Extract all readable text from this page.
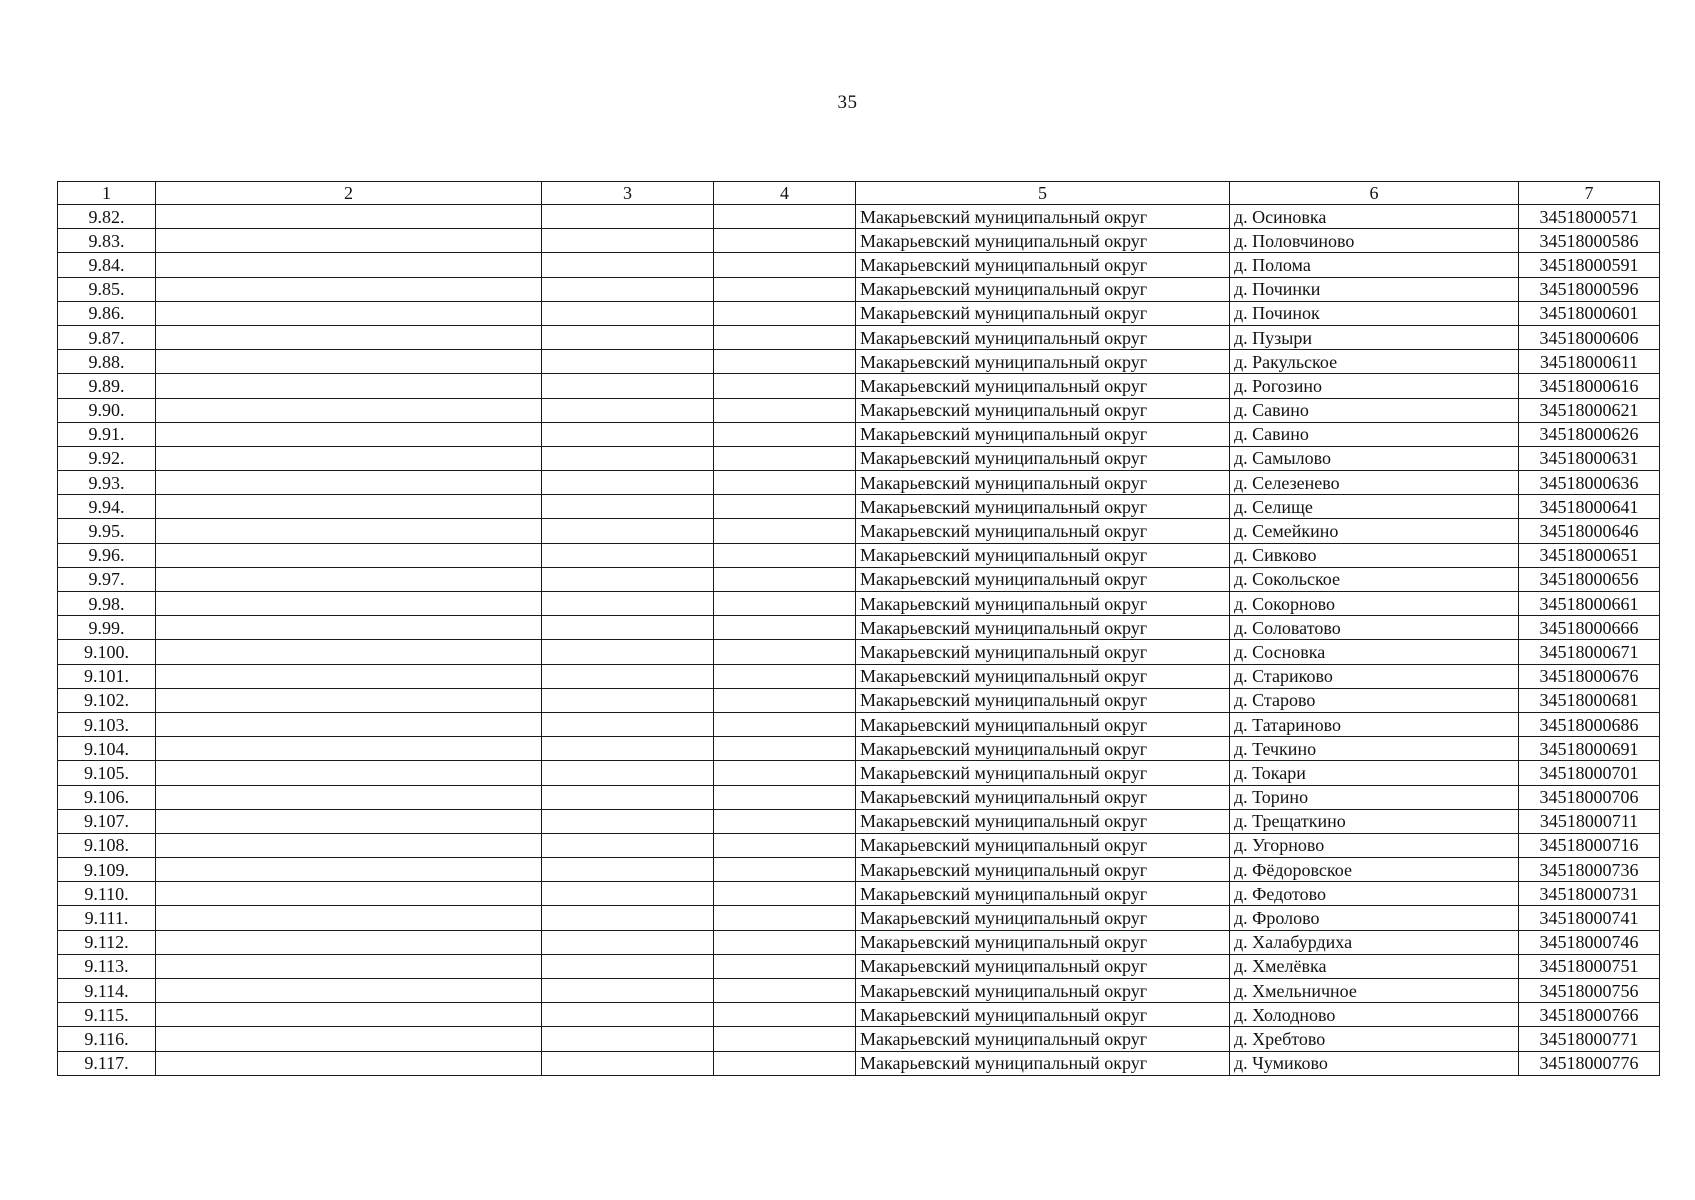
35
1	2	3	4	5	6	7
9.82.				Макарьевский муниципальный округ	д. Осиновка	34518000571
9.83.				Макарьевский муниципальный округ	д. Половчиново	34518000586
9.84.				Макарьевский муниципальный округ	д. Полома	34518000591
9.85.				Макарьевский муниципальный округ	д. Починки	34518000596
9.86.				Макарьевский муниципальный округ	д. Починок	34518000601
9.87.				Макарьевский муниципальный округ	д. Пузыри	34518000606
9.88.				Макарьевский муниципальный округ	д. Ракульское	34518000611
9.89.				Макарьевский муниципальный округ	д. Рогозино	34518000616
9.90.				Макарьевский муниципальный округ	д. Савино	34518000621
9.91.				Макарьевский муниципальный округ	д. Савино	34518000626
9.92.				Макарьевский муниципальный округ	д. Самылово	34518000631
9.93.				Макарьевский муниципальный округ	д. Селезенево	34518000636
9.94.				Макарьевский муниципальный округ	д. Селище	34518000641
9.95.				Макарьевский муниципальный округ	д. Семейкино	34518000646
9.96.				Макарьевский муниципальный округ	д. Сивково	34518000651
9.97.				Макарьевский муниципальный округ	д. Сокольское	34518000656
9.98.				Макарьевский муниципальный округ	д. Сокорново	34518000661
9.99.				Макарьевский муниципальный округ	д. Соловатово	34518000666
9.100.				Макарьевский муниципальный округ	д. Сосновка	34518000671
9.101.				Макарьевский муниципальный округ	д. Стариково	34518000676
9.102.				Макарьевский муниципальный округ	д. Старово	34518000681
9.103.				Макарьевский муниципальный округ	д. Татариново	34518000686
9.104.				Макарьевский муниципальный округ	д. Течкино	34518000691
9.105.				Макарьевский муниципальный округ	д. Токари	34518000701
9.106.				Макарьевский муниципальный округ	д. Торино	34518000706
9.107.				Макарьевский муниципальный округ	д. Трещаткино	34518000711
9.108.				Макарьевский муниципальный округ	д. Угорново	34518000716
9.109.				Макарьевский муниципальный округ	д. Фёдоровское	34518000736
9.110.				Макарьевский муниципальный округ	д. Федотово	34518000731
9.111.				Макарьевский муниципальный округ	д. Фролово	34518000741
9.112.				Макарьевский муниципальный округ	д. Халабурдиха	34518000746
9.113.				Макарьевский муниципальный округ	д. Хмелёвка	34518000751
9.114.				Макарьевский муниципальный округ	д. Хмельничное	34518000756
9.115.				Макарьевский муниципальный округ	д. Холодново	34518000766
9.116.				Макарьевский муниципальный округ	д. Хребтово	34518000771
9.117.				Макарьевский муниципальный округ	д. Чумиково	34518000776
